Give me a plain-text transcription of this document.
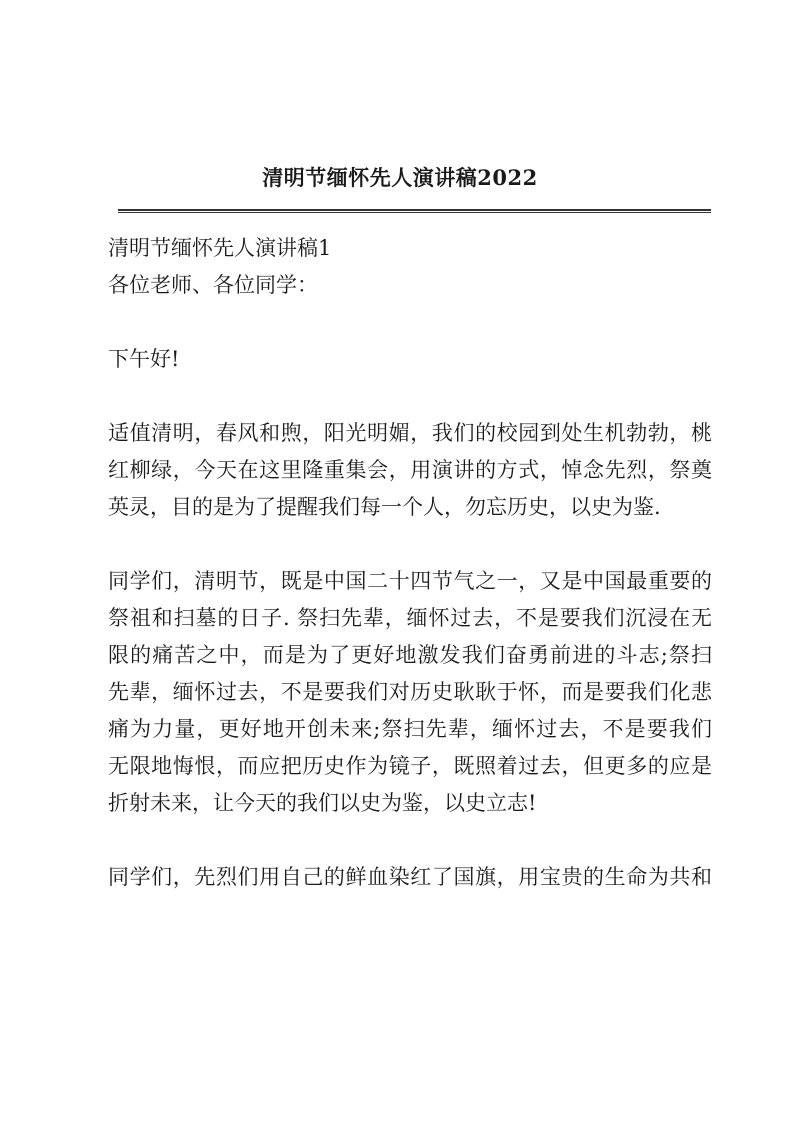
清明节缅怀先人演讲稿2022

清明节缅怀先人演讲稿1

各位老师、各位同学：

下午好!

适值清明，春风和煦，阳光明媚，我们的校园到处生机勃勃，桃
红柳绿，今天在这里隆重集会，用演讲的方式，悼念先烈，祭奠
英灵，目的是为了提醒我们每一个人，勿忘历史，以史为鉴.
同学们，清明节，既是中国二十四节气之一，又是中国最重要的
祭祖和扫墓的日子. 祭扫先辈，缅怀过去，不是要我们沉浸在无
限的痛苦之中，而是为了更好地激发我们奋勇前进的斗志;祭扫
先辈，缅怀过去，不是要我们对历史耿耿于怀，而是要我们化悲
痛为力量，更好地开创未来;祭扫先辈，缅怀过去，不是要我们
无限地悔恨，而应把历史作为镜子，既照着过去，但更多的应是
折射未来，让今天的我们以史为鉴，以史立志!
同学们，先烈们用自己的鲜血染红了国旗，用宝贵的生命为共和
